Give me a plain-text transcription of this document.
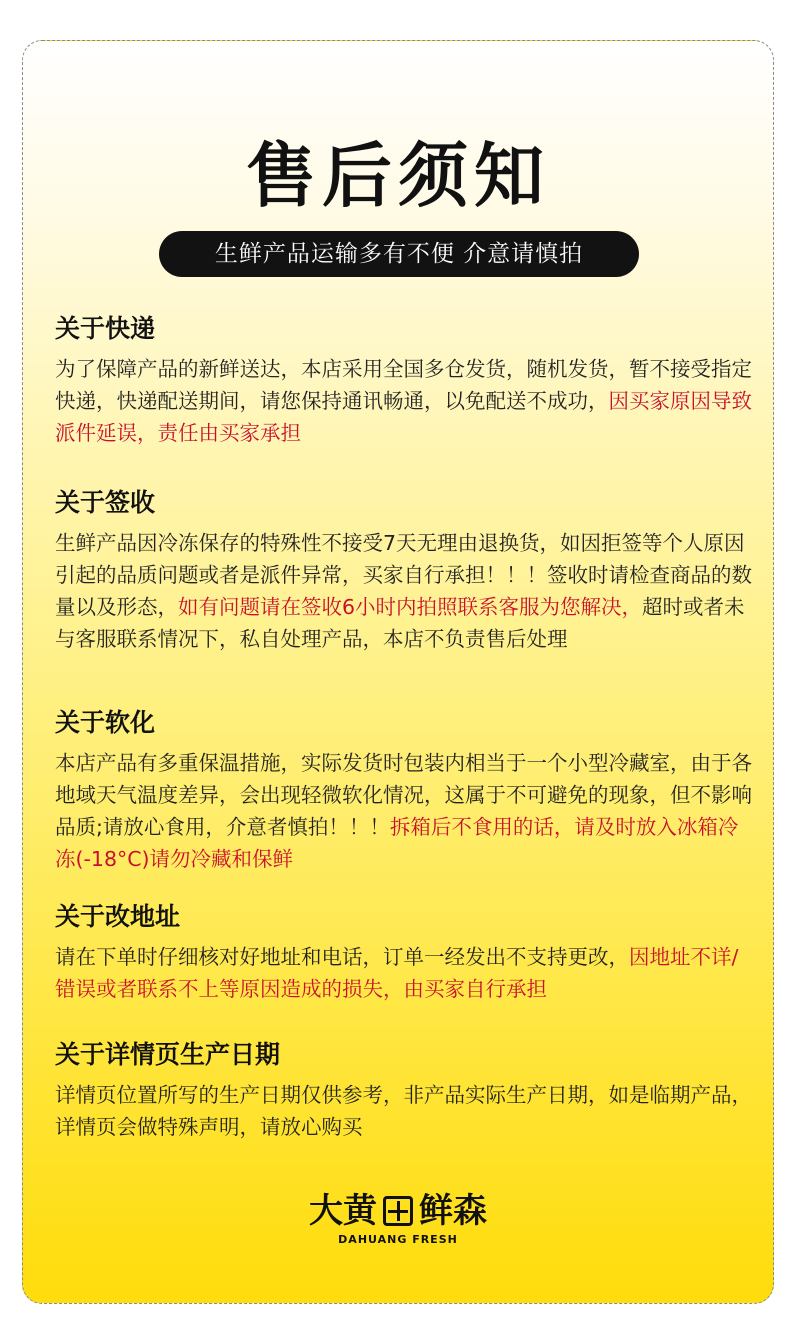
售后须知
生鲜产品运输多有不便 介意请慎拍
关于快递

为了保障产品的新鲜送达，本店采用全国多仓发货，随机发货，暂不接受指定快递，快递配送期间，请您保持通讯畅通，以免配送不成功，因买家原因导致派件延误，责任由买家承担

关于签收

生鲜产品因冷冻保存的特殊性不接受7天无理由退换货，如因拒签等个人原因引起的品质问题或者是派件异常，买家自行承担！！！签收时请检查商品的数量以及形态，如有问题请在签收6小时内拍照联系客服为您解决，超时或者未与客服联系情况下，私自处理产品，本店不负责售后处理

关于软化

本店产品有多重保温措施，实际发货时包装内相当于一个小型冷藏室，由于各地域天气温度差异，会出现轻微软化情况，这属于不可避免的现象，但不影响品质;请放心食用，介意者慎拍！！！拆箱后不食用的话，请及时放入冰箱冷冻(-18°C)请勿冷藏和保鲜

关于改地址

请在下单时仔细核对好地址和电话，订单一经发出不支持更改，因地址不详/错误或者联系不上等原因造成的损失，由买家自行承担

关于详情页生产日期

详情页位置所写的生产日期仅供参考，非产品实际生产日期，如是临期产品，详情页会做特殊声明，请放心购买

大黄 鲜森
DAHUANG FRESH
